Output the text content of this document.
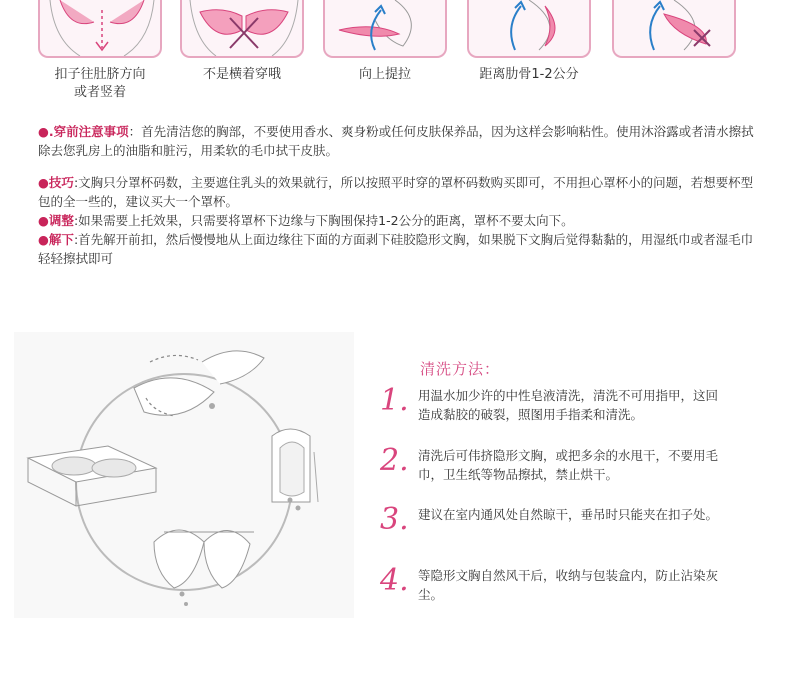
扣子往肚脐方向
或者竖着
不是横着穿哦	向上提拉	距离肋骨1-2公分

●.穿前注意事项：首先清洁您的胸部，不要使用香水、爽身粉或任何皮肤保养品，因为这样会影响粘性。使用沐浴露或者清水擦拭除去您乳房上的油脂和脏污，用柔软的毛巾拭干皮肤。

●技巧:文胸只分罩杯码数，主要遮住乳头的效果就行，所以按照平时穿的罩杯码数购买即可，不用担心罩杯小的问题，若想要杯型包的全一些的，建议买大一个罩杯。

●调整:如果需要上托效果，只需要将罩杯下边缘与下胸围保持1-2公分的距离，罩杯不要太向下。

●解下:首先解开前扣，然后慢慢地从上面边缘往下面的方面剥下硅胶隐形文胸，如果脱下文胸后觉得黏黏的，用湿纸巾或者湿毛巾轻轻擦拭即可

清洗方法：
1. 用温水加少许的中性皂液清洗，清洗不可用指甲，这回造成黏胶的破裂，照图用手指柔和清洗。
2. 清洗后可伟挤隐形文胸，或把多余的水甩干，不要用毛巾，卫生纸等物品擦拭，禁止烘干。
3. 建议在室内通风处自然晾干，垂吊时只能夹在扣子处。
4. 等隐形文胸自然风干后，收纳与包装盒内，防止沾染灰尘。
